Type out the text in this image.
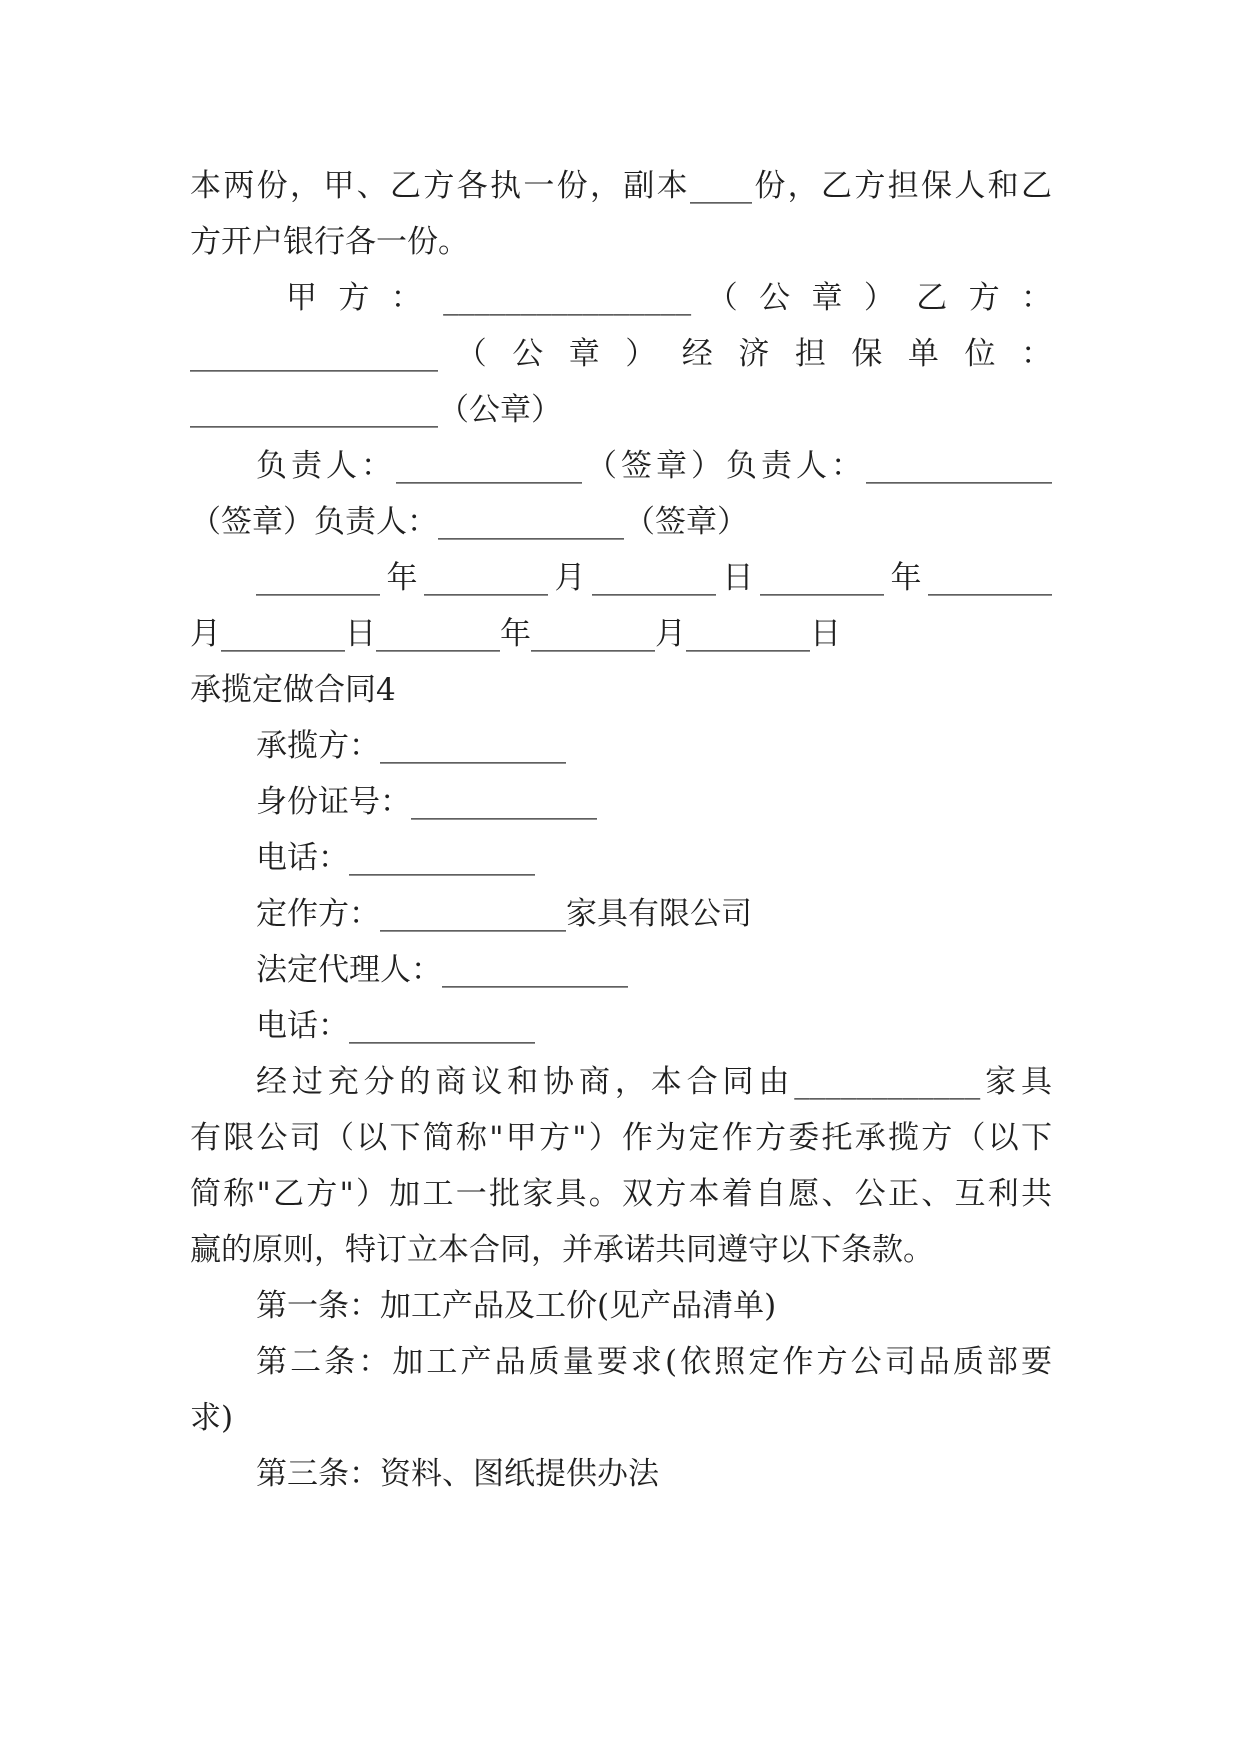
本两份，甲、乙方各执一份，副本____份，乙方担保人和乙
方开户银行各一份。
甲 方 ： ________________ （ 公 章 ） 乙 方 ：
________________ （ 公 章 ） 经 济 担 保 单 位 ：
________________（公章）
负责人：____________（签章）负责人：____________
（签章）负责人：____________（签章）
________年________月________日________年________
月________日________年________月________日
承揽定做合同4
承揽方：____________
身份证号：____________
电话：____________
定作方：____________家具有限公司
法定代理人：____________
电话：____________
经过充分的商议和协商，本合同由____________家具
有限公司（以下简称"甲方"）作为定作方委托承揽方（以下
简称"乙方"）加工一批家具。双方本着自愿、公正、互利共
赢的原则，特订立本合同，并承诺共同遵守以下条款。
第一条：加工产品及工价(见产品清单)
第二条：加工产品质量要求(依照定作方公司品质部要
求)
第三条：资料、图纸提供办法
